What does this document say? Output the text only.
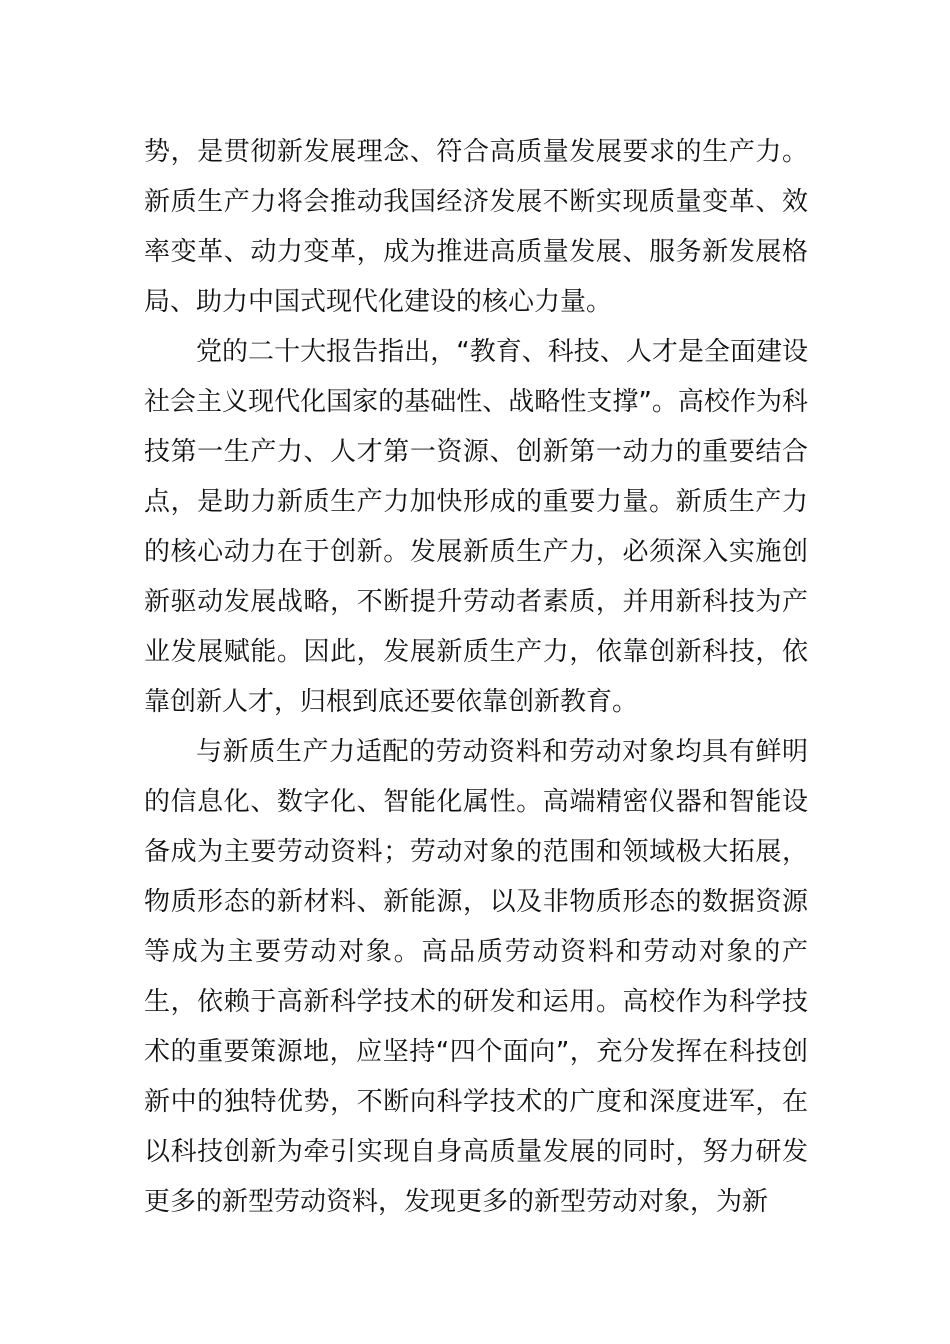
势，是贯彻新发展理念、符合高质量发展要求的生产力。新质生产力将会推动我国经济发展不断实现质量变革、效率变革、动力变革，成为推进高质量发展、服务新发展格局、助力中国式现代化建设的核心力量。

党的二十大报告指出，“教育、科技、人才是全面建设社会主义现代化国家的基础性、战略性支撑”。高校作为科技第一生产力、人才第一资源、创新第一动力的重要结合点，是助力新质生产力加快形成的重要力量。新质生产力的核心动力在于创新。发展新质生产力，必须深入实施创新驱动发展战略，不断提升劳动者素质，并用新科技为产业发展赋能。因此，发展新质生产力，依靠创新科技，依靠创新人才，归根到底还要依靠创新教育。

与新质生产力适配的劳动资料和劳动对象均具有鲜明的信息化、数字化、智能化属性。高端精密仪器和智能设备成为主要劳动资料；劳动对象的范围和领域极大拓展，物质形态的新材料、新能源，以及非物质形态的数据资源等成为主要劳动对象。高品质劳动资料和劳动对象的产生，依赖于高新科学技术的研发和运用。高校作为科学技术的重要策源地，应坚持“四个面向”，充分发挥在科技创新中的独特优势，不断向科学技术的广度和深度进军，在以科技创新为牵引实现自身高质量发展的同时，努力研发更多的新型劳动资料，发现更多的新型劳动对象，为新
